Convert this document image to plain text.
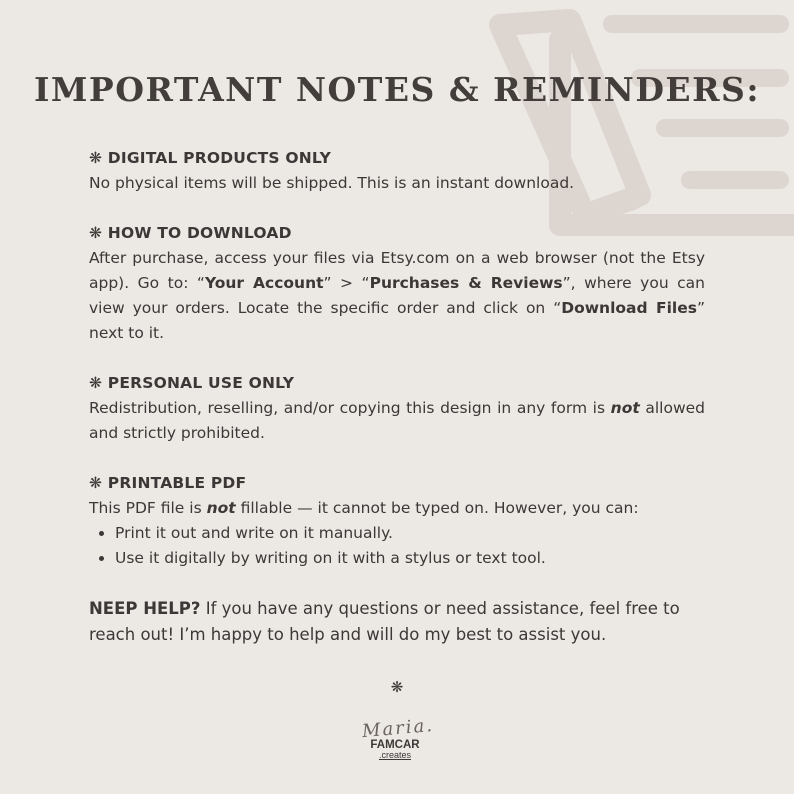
IMPORTANT NOTES & REMINDERS:
❋ DIGITAL PRODUCTS ONLY
No physical items will be shipped. This is an instant download.
❋ HOW TO DOWNLOAD
After purchase, access your files via Etsy.com on a web browser (not the Etsy app). Go to: “Your Account” > “Purchases & Reviews”, where you can view your orders. Locate the specific order and click on “Download Files” next to it.
❋ PERSONAL USE ONLY
Redistribution, reselling, and/or copying this design in any form is not allowed and strictly prohibited.
❋ PRINTABLE PDF
This PDF file is not fillable — it cannot be typed on. However, you can:
• Print it out and write on it manually.
• Use it digitally by writing on it with a stylus or text tool.
NEEP HELP? If you have any questions or need assistance, feel free to reach out! I’m happy to help and will do my best to assist you.
❋
Maria.
FAMCAR
.creates
